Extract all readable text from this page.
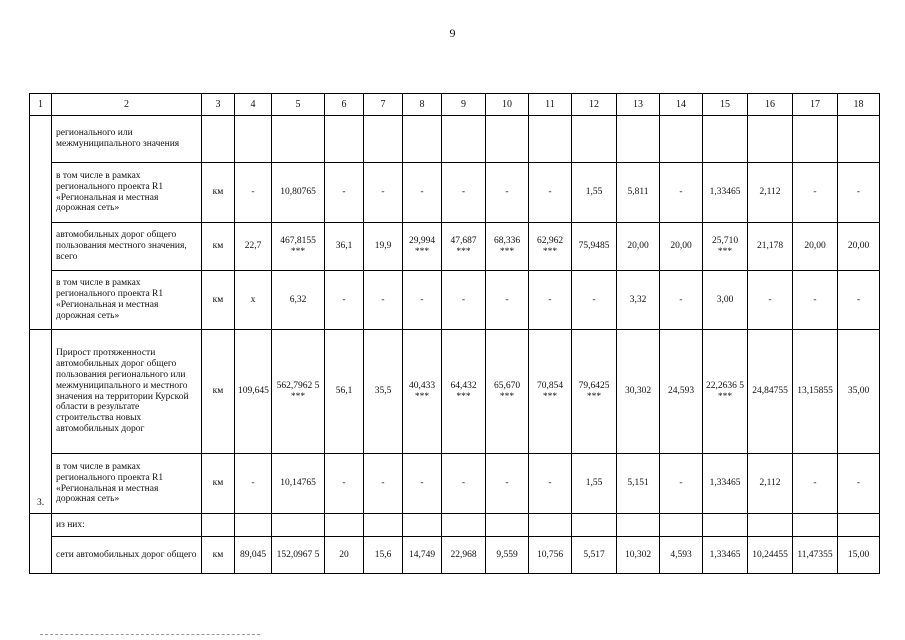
9
1	2	3	4	5	6	7	8	9	10	11	12	13	14	15	16	17	18
	регионального или межмуниципального значения																
	в том числе в рамках регионального проекта R1 «Региональная и местная дорожная сеть»	км	-	10,80765	-	-	-	-	-	-	1,55	5,811	-	1,33465	2,112	-	-
	автомобильных дорог общего пользования местного значения, всего	км	22,7	467,8155 ***	36,1	19,9	29,994 ***	47,687 ***	68,336 ***	62,962 ***	75,9485	20,00	20,00	25,710 ***	21,178	20,00	20,00
	в том числе в рамках регионального проекта R1 «Региональная и местная дорожная сеть»	км	х	6,32	-	-	-	-	-	-	-	3,32	-	3,00	-	-	-
3.	Прирост протяженности автомобильных дорог общего пользования регионального или межмуниципального и местного значения на территории Курской области в результате строительства новых автомобильных дорог	км	109,645	562,7962 5 ***	56,1	35,5	40,433 ***	64,432 ***	65,670 ***	70,854 ***	79,6425 ***	30,302	24,593	22,2636 5 ***	24,84755	13,15855	35,00
	в том числе в рамках регионального проекта R1 «Региональная и местная дорожная сеть»	км	-	10,14765	-	-	-	-	-	-	1,55	5,151	-	1,33465	2,112	-	-
	из них:																
	сети автомобильных дорог общего	км	89,045	152,0967 5	20	15,6	14,749	22,968	9,559	10,756	5,517	10,302	4,593	1,33465	10,24455	11,47355	15,00
